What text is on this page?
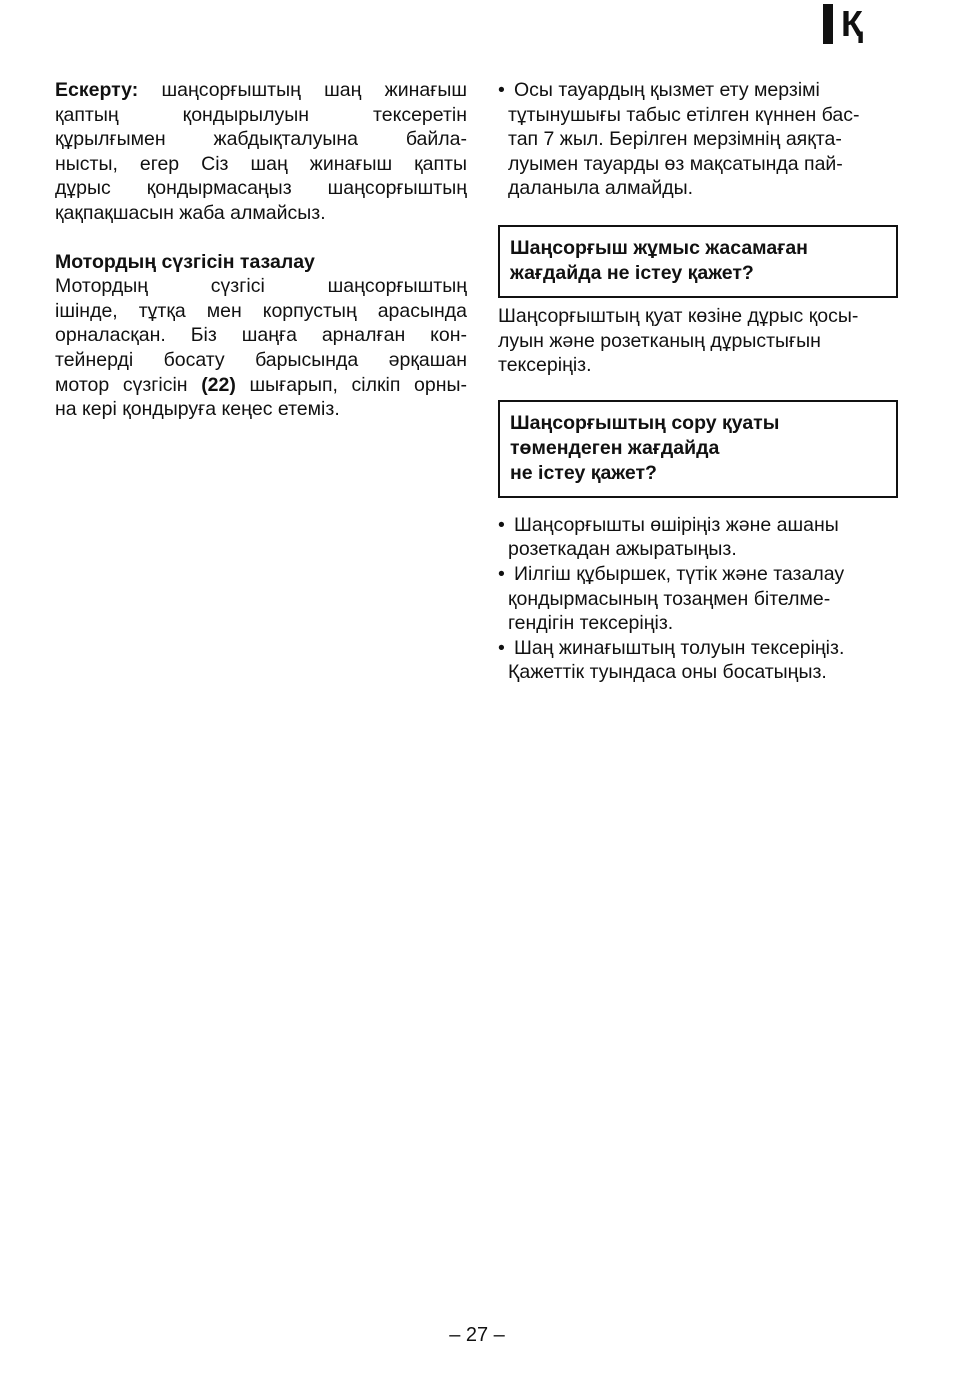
Қ
Ескерту: шаңсорғыштың шаң жинағыш
қаптың қондырылуын тексеретін
құрылғымен жабдықталуына байла-
нысты, егер Сіз шаң жинағыш қапты
дұрыс қондырмасаңыз шаңсорғыштың
қақпақшасын жаба алмайсыз.
Мотордың сүзгісін тазалау
Мотордың сүзгісі шаңсорғыштың
ішінде, тұтқа мен корпустың арасында
орналасқан. Біз шаңға арналған кон-
тейнерді босату барысында әрқашан
мотор сүзгісін (22) шығарып, сілкіп орны-
на кері қондыруға кеңес етеміз.
• Осы тауардың қызмет ету мерзімі
тұтынушығы табыс етілген күннен бас-
тап 7 жыл. Берілген мерзімнің аяқта-
луымен тауарды өз мақсатында пай-
даланыла алмайды.
Шаңсорғыш жұмыс жасамаған
жағдайда не істеу қажет?
Шаңсорғыштың қуат көзіне дұрыс қосы-
луын және розетканың дұрыстығын
тексеріңіз.
Шаңсорғыштың сору қуаты
төмендеген жағдайда
не істеу қажет?
• Шаңсорғышты өшіріңіз және ашаны
розеткадан ажыратыңыз.
• Иілгіш құбыршек, түтік және тазалау
қондырмасының тозаңмен бітелме-
гендігін тексеріңіз.
• Шаң жинағыштың толуын тексеріңіз.
Қажеттік туындаса оны босатыңыз.
– 27 –
